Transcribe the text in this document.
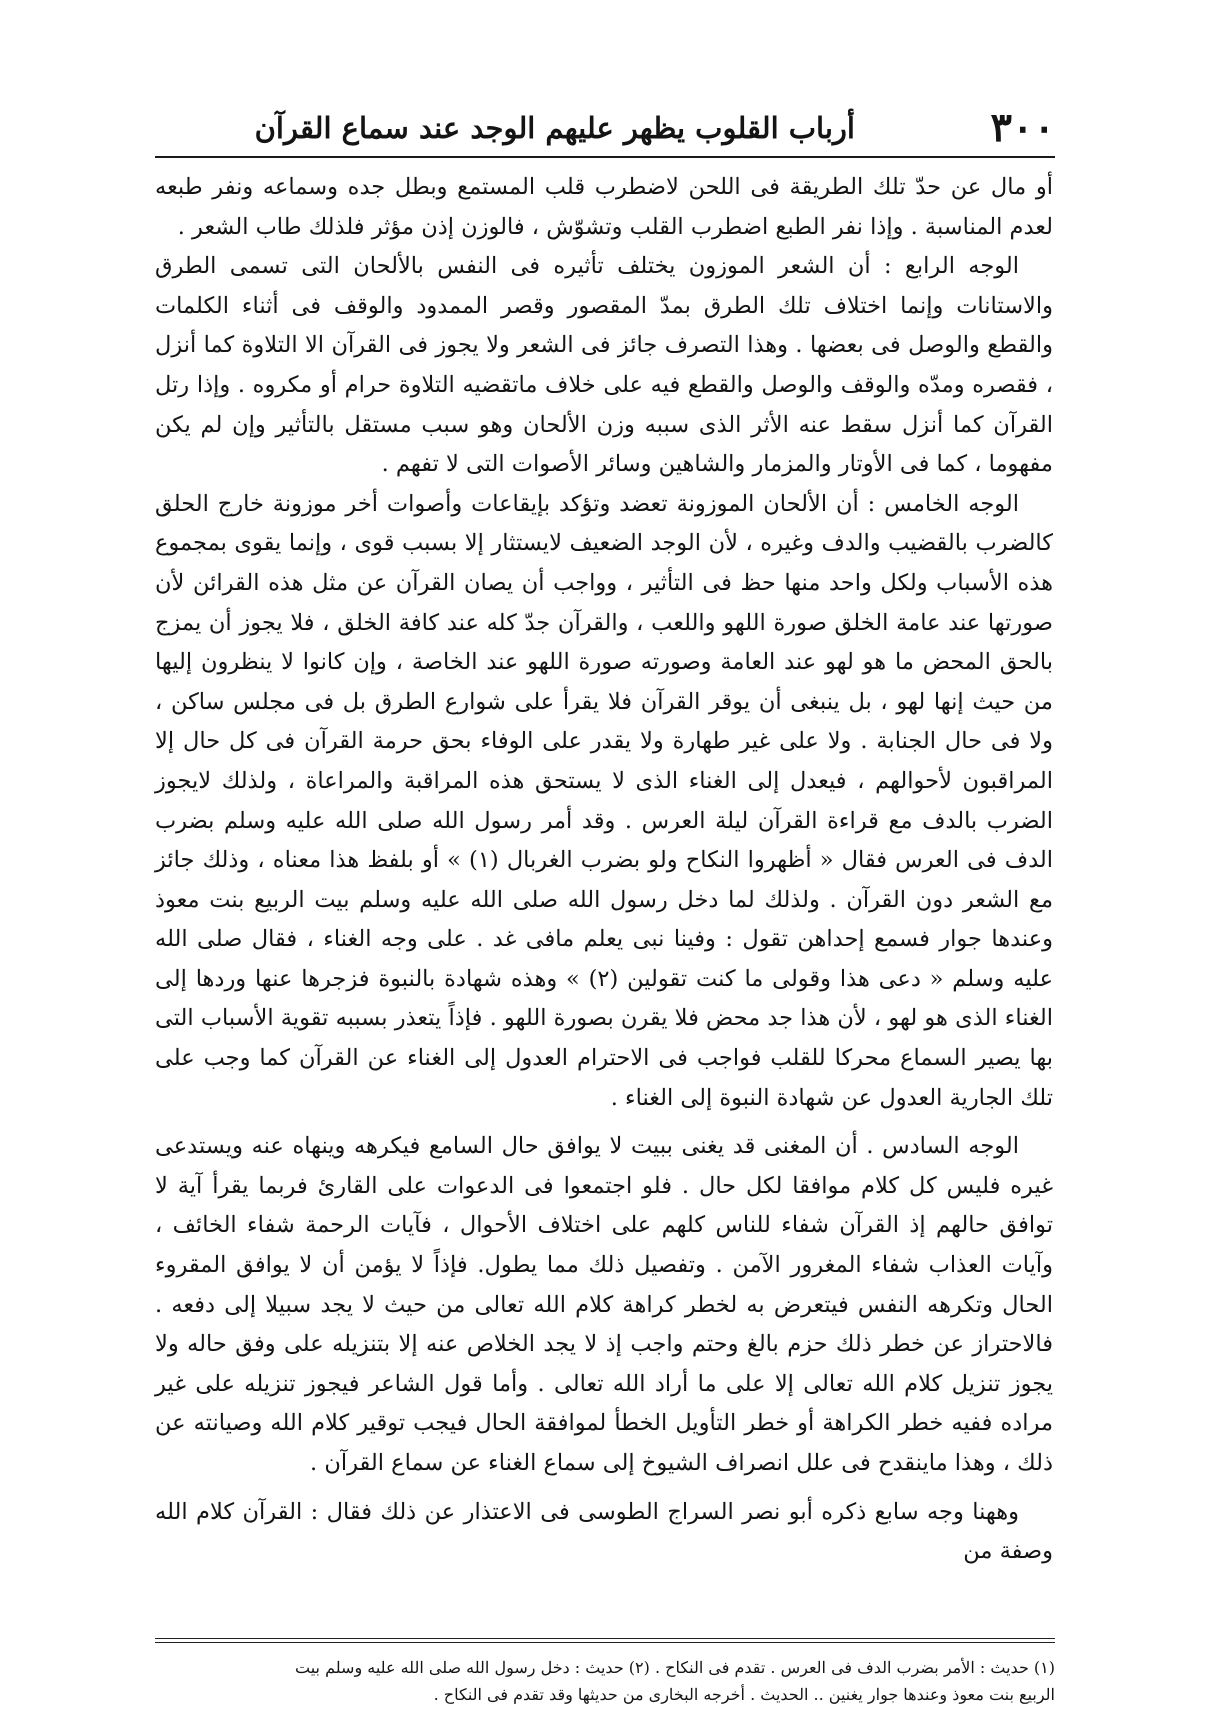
٣٠٠
أرباب القلوب يظهر عليهم الوجد عند سماع القرآن

أو مال عن حدّ تلك الطريقة فى اللحن لاضطرب قلب المستمع وبطل جده وسماعه ونفر طبعه لعدم المناسبة . وإذا نفر الطبع اضطرب القلب وتشوّش ، فالوزن إذن مؤثر فلذلك طاب الشعر .

الوجه الرابع : أن الشعر الموزون يختلف تأثيره فى النفس بالألحان التى تسمى الطرق والاستانات وإنما اختلاف تلك الطرق بمدّ المقصور وقصر الممدود والوقف فى أثناء الكلمات والقطع والوصل فى بعضها . وهذا التصرف جائز فى الشعر ولا يجوز فى القرآن الا التلاوة كما أنزل ، فقصره ومدّه والوقف والوصل والقطع فيه على خلاف ماتقضيه التلاوة حرام أو مكروه . وإذا رتل القرآن كما أنزل سقط عنه الأثر الذى سببه وزن الألحان وهو سبب مستقل بالتأثير وإن لم يكن مفهوما ، كما فى الأوتار والمزمار والشاهين وسائر الأصوات التى لا تفهم .

الوجه الخامس : أن الألحان الموزونة تعضد وتؤكد بإيقاعات وأصوات أخر موزونة خارج الحلق كالضرب بالقضيب والدف وغيره ، لأن الوجد الضعيف لايستثار إلا بسبب قوى ، وإنما يقوى بمجموع هذه الأسباب ولكل واحد منها حظ فى التأثير ، وواجب أن يصان القرآن عن مثل هذه القرائن لأن صورتها عند عامة الخلق صورة اللهو واللعب ، والقرآن جدّ كله عند كافة الخلق ، فلا يجوز أن يمزج بالحق المحض ما هو لهو عند العامة وصورته صورة اللهو عند الخاصة ، وإن كانوا لا ينظرون إليها من حيث إنها لهو ، بل ينبغى أن يوقر القرآن فلا يقرأ على شوارع الطرق بل فى مجلس ساكن ، ولا فى حال الجنابة . ولا على غير طهارة ولا يقدر على الوفاء بحق حرمة القرآن فى كل حال إلا المراقبون لأحوالهم ، فيعدل إلى الغناء الذى لا يستحق هذه المراقبة والمراعاة ، ولذلك لايجوز الضرب بالدف مع قراءة القرآن ليلة العرس . وقد أمر رسول الله صلى الله عليه وسلم بضرب الدف فى العرس فقال « أظهروا النكاح ولو بضرب الغربال (١) » أو بلفظ هذا معناه ، وذلك جائز مع الشعر دون القرآن . ولذلك لما دخل رسول الله صلى الله عليه وسلم بيت الربيع بنت معوذ وعندها جوار فسمع إحداهن تقول : وفينا نبى يعلم مافى غد . على وجه الغناء ، فقال صلى الله عليه وسلم « دعى هذا وقولى ما كنت تقولين (٢) » وهذه شهادة بالنبوة فزجرها عنها وردها إلى الغناء الذى هو لهو ، لأن هذا جد محض فلا يقرن بصورة اللهو . فإذاً يتعذر بسببه تقوية الأسباب التى بها يصير السماع محركا للقلب فواجب فى الاحترام العدول إلى الغناء عن القرآن كما وجب على تلك الجارية العدول عن شهادة النبوة إلى الغناء .

الوجه السادس . أن المغنى قد يغنى ببيت لا يوافق حال السامع فيكرهه وينهاه عنه ويستدعى غيره فليس كل كلام موافقا لكل حال . فلو اجتمعوا فى الدعوات على القارئ فربما يقرأ آية لا توافق حالهم إذ القرآن شفاء للناس كلهم على اختلاف الأحوال ، فآيات الرحمة شفاء الخائف ، وآيات العذاب شفاء المغرور الآمن . وتفصيل ذلك مما يطول. فإذاً لا يؤمن أن لا يوافق المقروء الحال وتكرهه النفس فيتعرض به لخطر كراهة كلام الله تعالى من حيث لا يجد سبيلا إلى دفعه . فالاحتراز عن خطر ذلك حزم بالغ وحتم واجب إذ لا يجد الخلاص عنه إلا بتنزيله على وفق حاله ولا يجوز تنزيل كلام الله تعالى إلا على ما أراد الله تعالى . وأما قول الشاعر فيجوز تنزيله على غير مراده ففيه خطر الكراهة أو خطر التأويل الخطأ لموافقة الحال فيجب توقير كلام الله وصيانته عن ذلك ، وهذا ماينقدح فى علل انصراف الشيوخ إلى سماع الغناء عن سماع القرآن .

وههنا وجه سابع ذكره أبو نصر السراج الطوسى فى الاعتذار عن ذلك فقال : القرآن كلام الله وصفة من

(١) حديث : الأمر بضرب الدف فى العرس . تقدم فى النكاح . (٢) حديث : دخل رسول الله صلى الله عليه وسلم بيت

الربيع بنت معوذ وعندها جوار يغنين .. الحديث . أخرجه البخارى من حديثها وقد تقدم فى النكاح .
